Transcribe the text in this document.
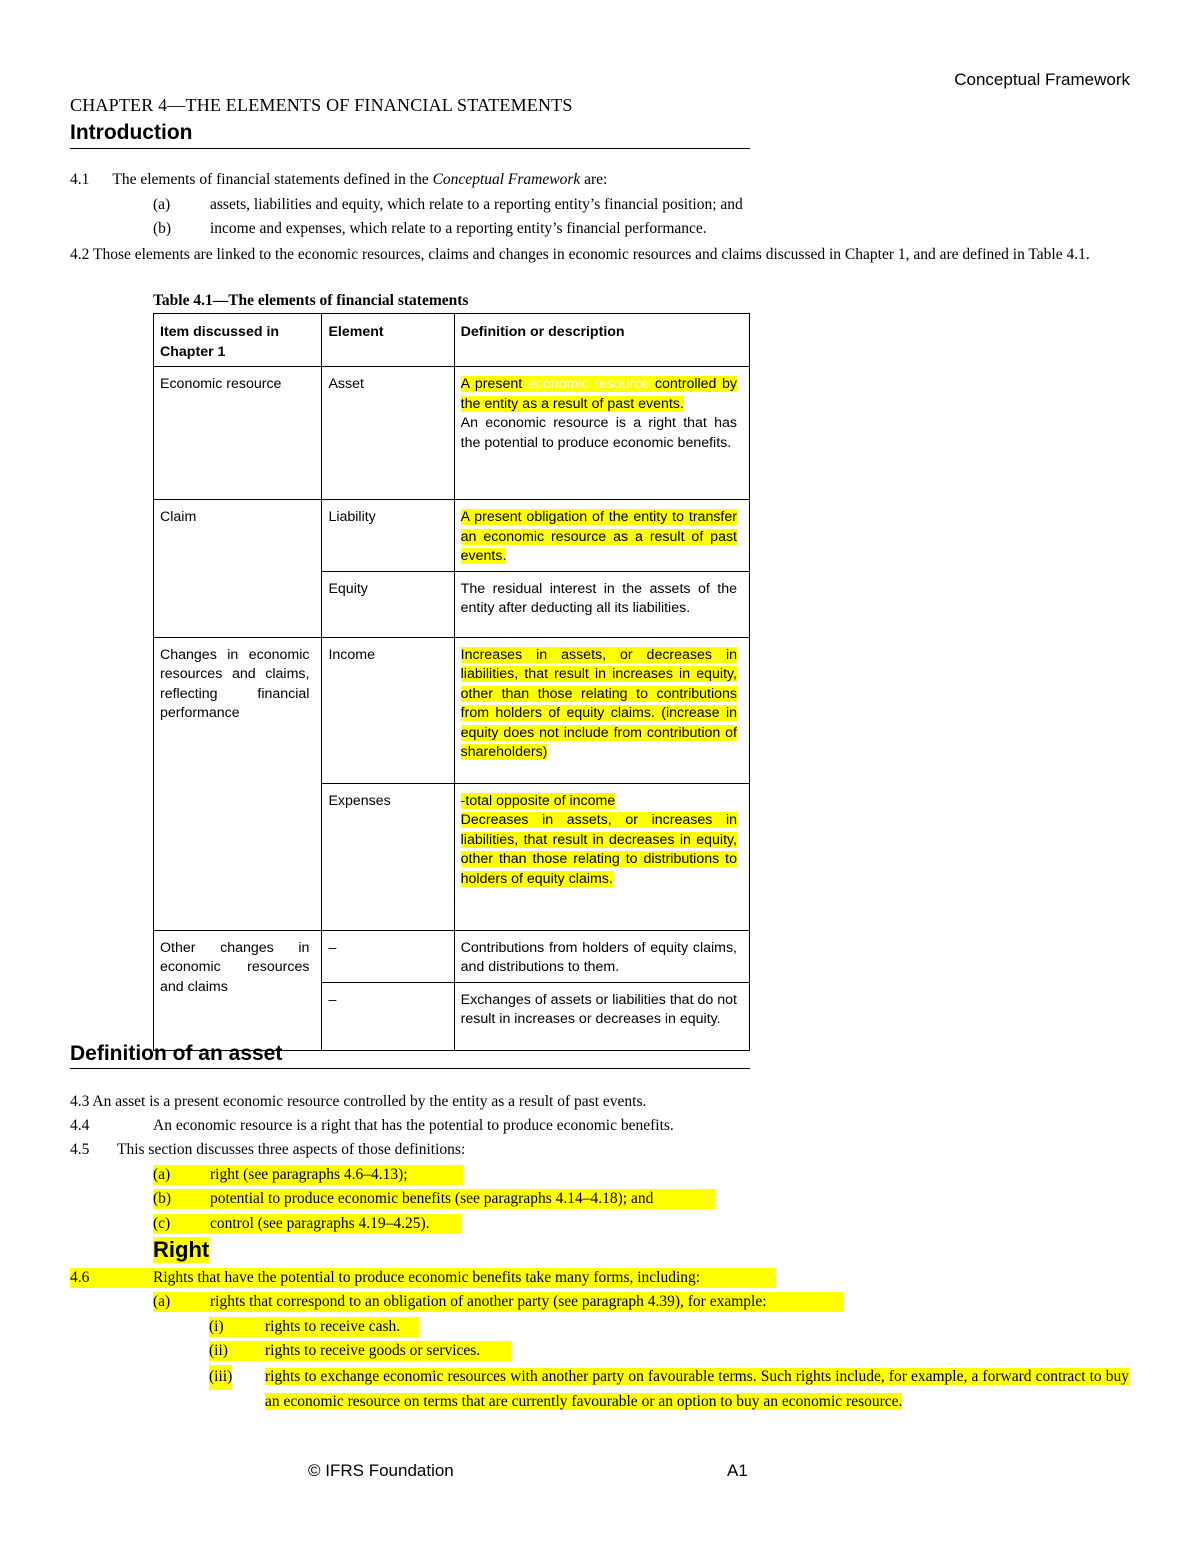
Conceptual Framework
CHAPTER 4—THE ELEMENTS OF FINANCIAL STATEMENTS
Introduction
4.1 The elements of financial statements defined in the Conceptual Framework are:
(a)	assets, liabilities and equity, which relate to a reporting entity’s financial position; and
(b)	income and expenses, which relate to a reporting entity’s financial performance.
4.2 Those elements are linked to the economic resources, claims and changes in economic resources and claims discussed in Chapter 1, and are defined in Table 4.1.
Table 4.1—The elements of financial statements
Item discussed in Chapter 1	Element	Definition or description
Economic resource	Asset	A present economic resource controlled by the entity as a result of past events.
An economic resource is a right that has the potential to produce economic benefits.
Claim	Liability	A present obligation of the entity to transfer an economic resource as a result of past events.
	Equity	The residual interest in the assets of the entity after deducting all its liabilities.
Changes in economic resources and claims, reflecting financial performance	Income	Increases in assets, or decreases in liabilities, that result in increases in equity, other than those relating to contributions from holders of equity claims. (increase in equity does not include from contribution of shareholders)
	Expenses	-total opposite of income
Decreases in assets, or increases in liabilities, that result in decreases in equity, other than those relating to distributions to holders of equity claims.
Other changes in economic resources and claims	–	Contributions from holders of equity claims, and distributions to them.
	–	Exchanges of assets or liabilities that do not result in increases or decreases in equity.
Definition of an asset
4.3 An asset is a present economic resource controlled by the entity as a result of past events.
4.4	An economic resource is a right that has the potential to produce economic benefits.
4.5 This section discusses three aspects of those definitions:
(a)	right (see paragraphs 4.6–4.13);
(b)	potential to produce economic benefits (see paragraphs 4.14–4.18); and
(c)	control (see paragraphs 4.19–4.25).
Right
4.6	Rights that have the potential to produce economic benefits take many forms, including:
(a)	rights that correspond to an obligation of another party (see paragraph 4.39), for example:
(i)	rights to receive cash.
(ii) rights to receive goods or services.
(iii) rights to exchange economic resources with another party on favourable terms. Such rights include, for example, a forward contract to buy an economic resource on terms that are currently favourable or an option to buy an economic resource.
© IFRS Foundation	A1
